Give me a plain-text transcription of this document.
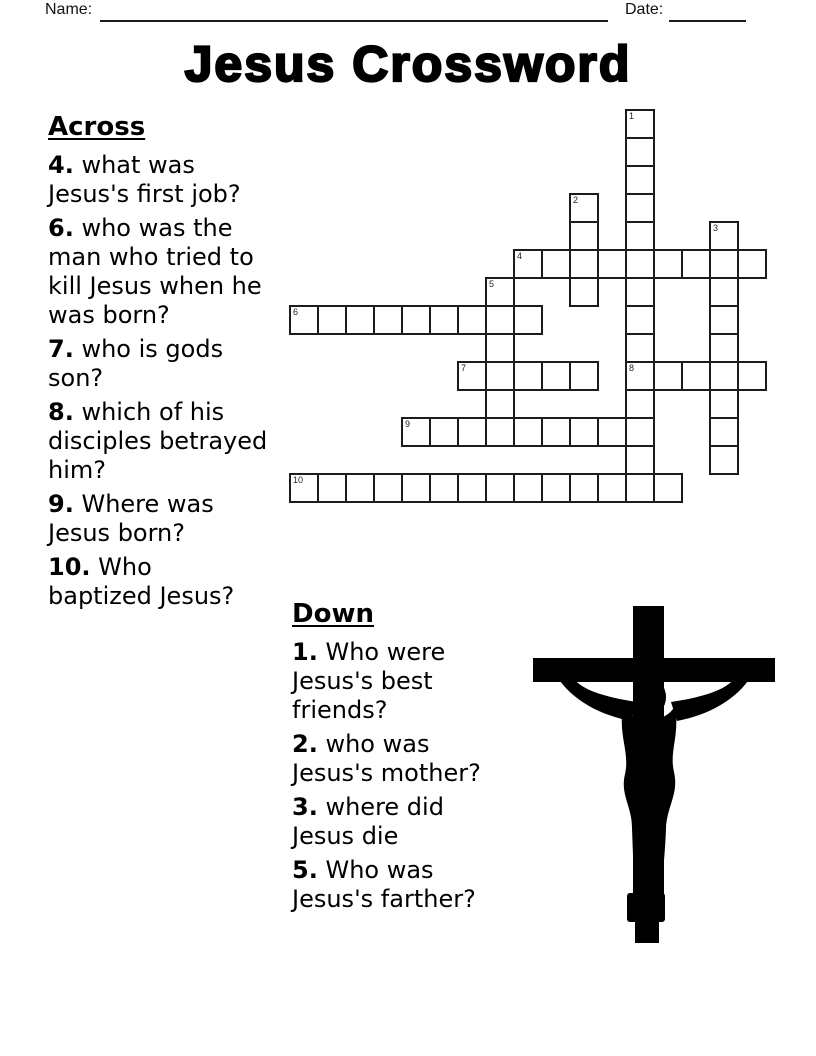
Name:	Date:
Jesus Crossword
1
8
2
3
4
5
6
7
9
10
Across
4. what was
Jesus's first job?
6. who was the
man who tried to
kill Jesus when he
was born?
7. who is gods
son?
8. which of his
disciples betrayed
him?
9. Where was
Jesus born?
10. Who
baptized Jesus?
Down
1. Who were
Jesus's best
friends?
2. who was
Jesus's mother?
3. where did
Jesus die
5. Who was
Jesus's farther?
